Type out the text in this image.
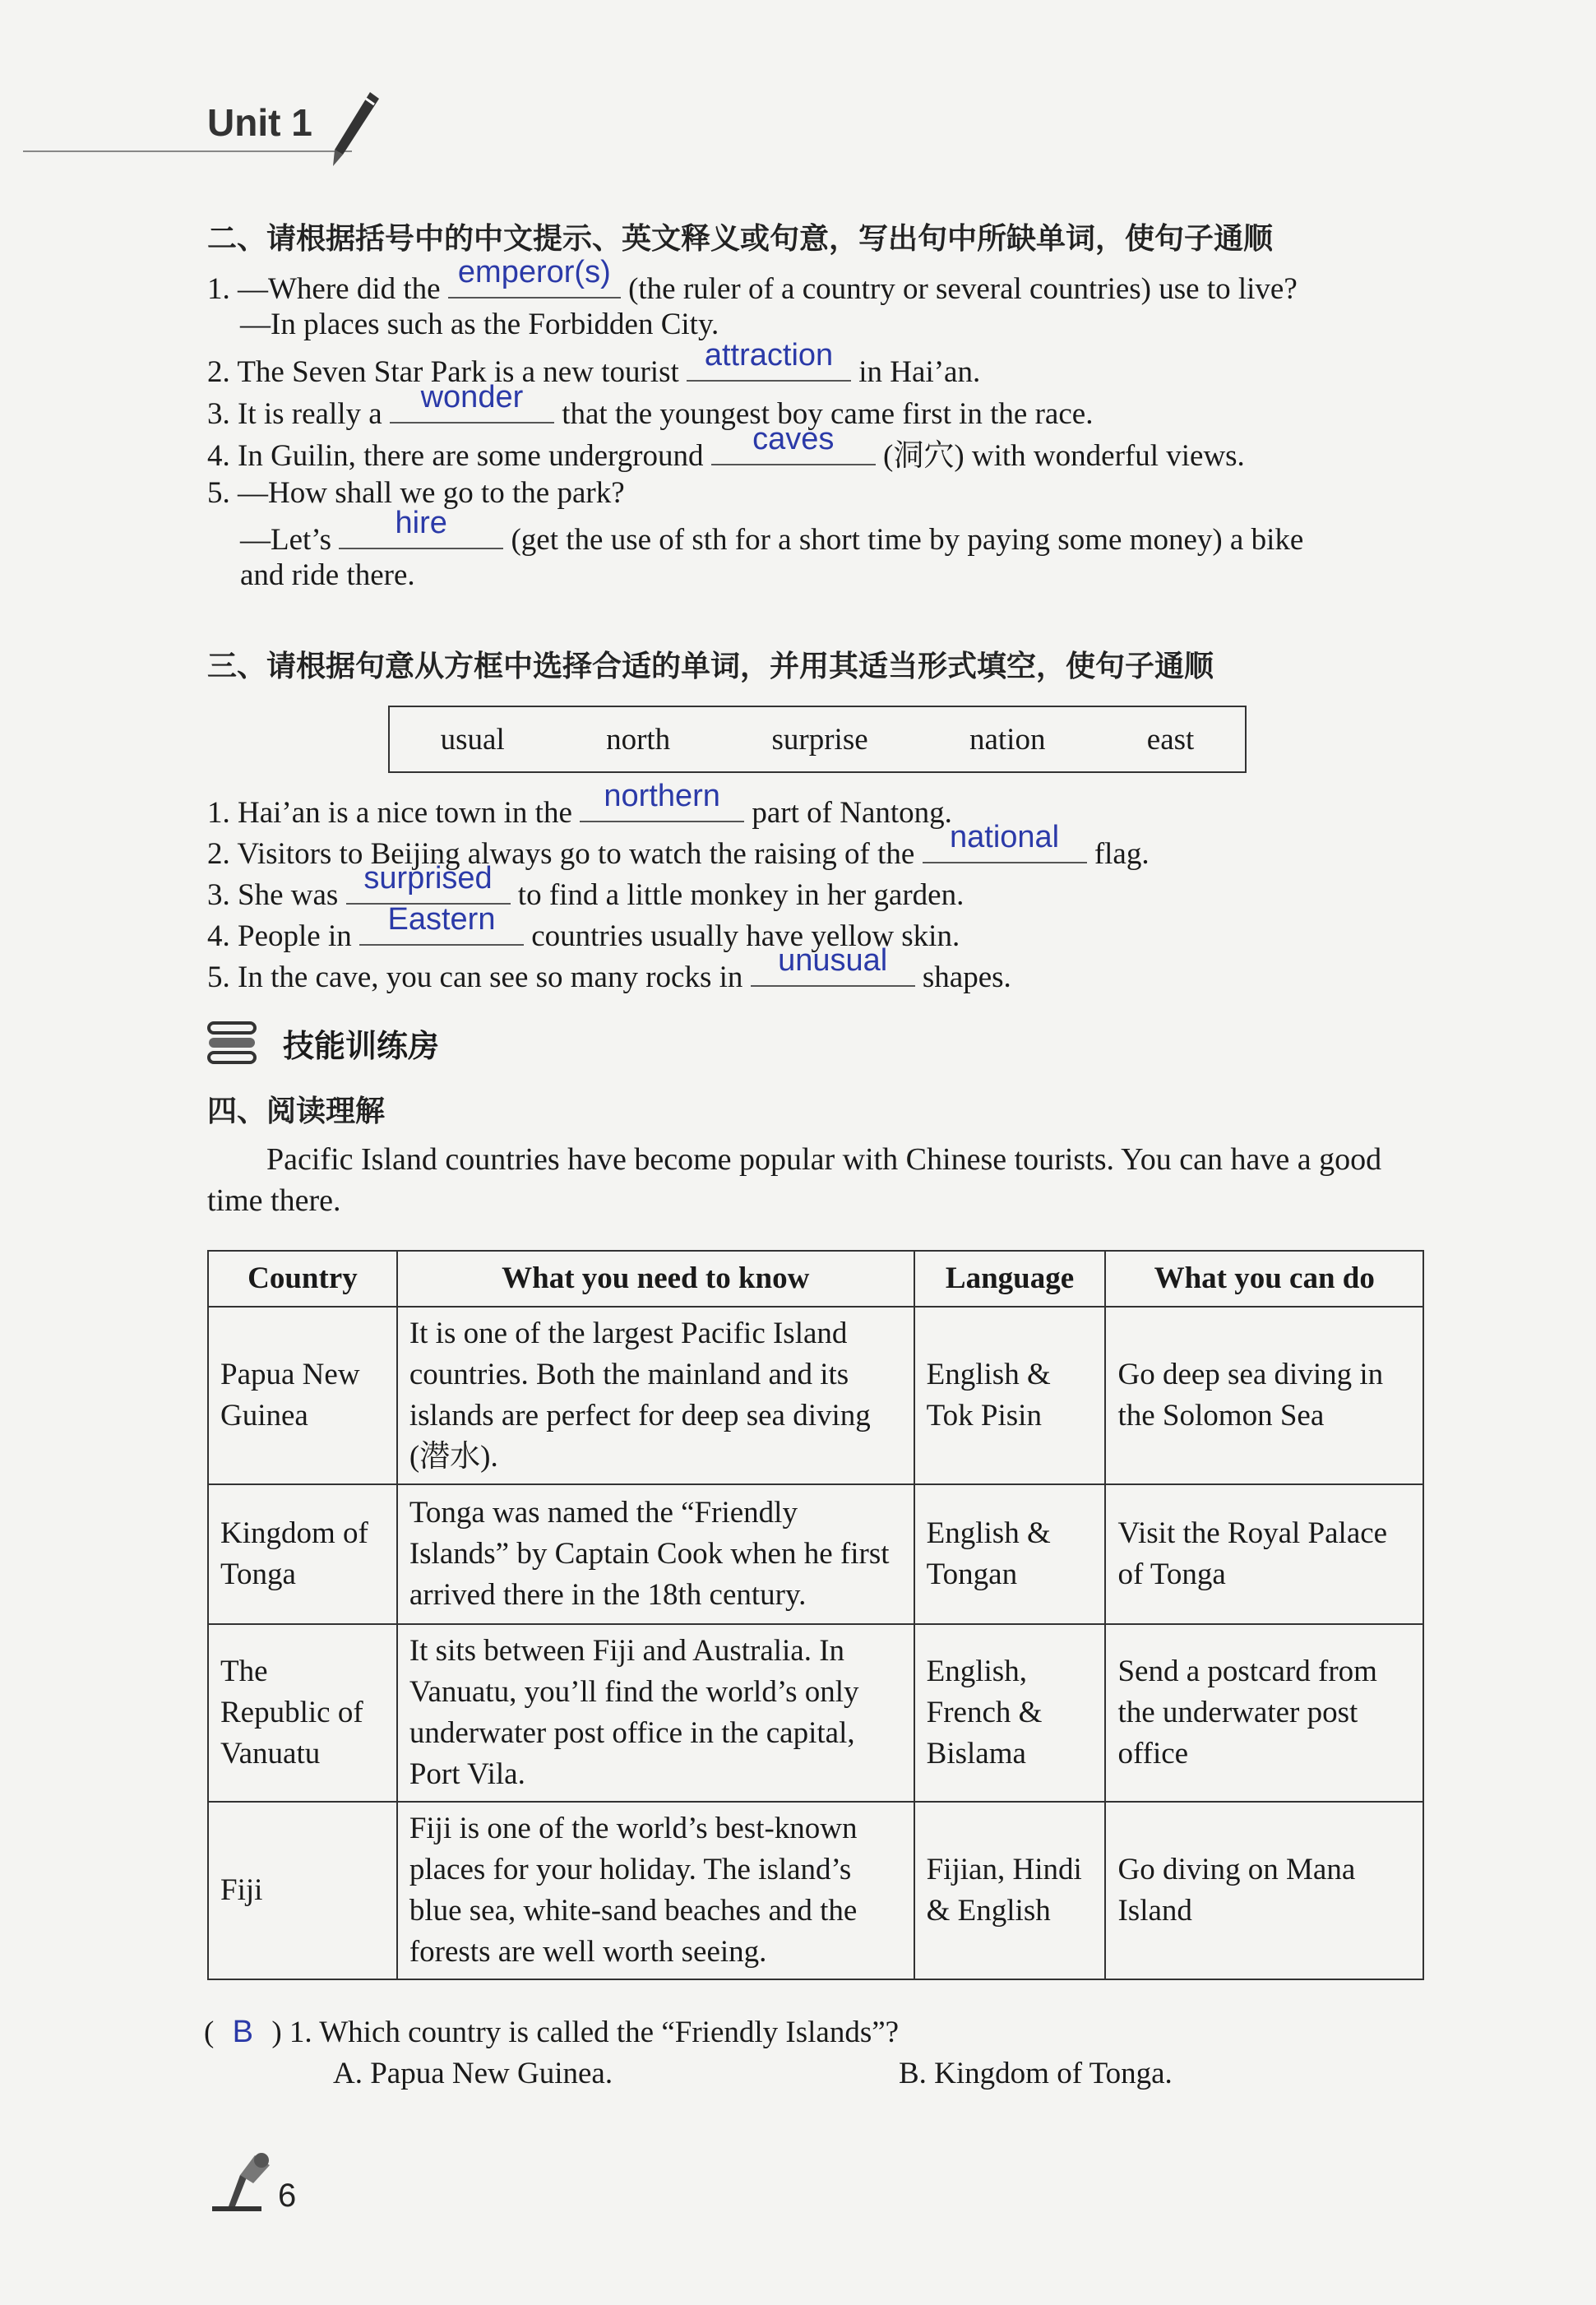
Unit 1
二、请根据括号中的中文提示、英文释义或句意，写出句中所缺单词，使句子通顺
1. —Where did the emperor(s) (the ruler of a country or several countries) use to live?
—In places such as the Forbidden City.
2. The Seven Star Park is a new tourist attraction in Hai’an.
3. It is really a	wonder	that the youngest boy came first in the race.
4. In Guilin, there are some underground	caves	(洞穴) with wonderful views.
5. —How shall we go to the park?
—Let’s	hire	(get the use of sth for a short time by paying some money) a bike
and ride there.
三、请根据句意从方框中选择合适的单词，并用其适当形式填空，使句子通顺
usual	north	surprise	nation	east
1. Hai’an is a nice town in the	northern	part of Nantong.
2. Visitors to Beijing always go to watch the raising of the	national	flag.
3. She was surprised to find a little monkey in her garden.
4. People in	Eastern	countries usually have yellow skin.
5. In the cave, you can see so many rocks in	unusual	shapes.
技能训练房
四、阅读理解
Pacific Island countries have become popular with Chinese tourists. You can have a good time there.
Country	What you need to know	Language	What you can do
Papua New Guinea	It is one of the largest Pacific Island countries. Both the mainland and its islands are perfect for deep sea diving (潜水).	English & Tok Pisin	Go deep sea diving in the Solomon Sea
Kingdom of Tonga	Tonga was named the “Friendly Islands” by Captain Cook when he first arrived there in the 18th century.	English & Tongan	Visit the Royal Palace of Tonga
The Republic of Vanuatu	It sits between Fiji and Australia. In Vanuatu, you’ll find the world’s only underwater post office in the capital, Port Vila.	English, French & Bislama	Send a postcard from the underwater post office
Fiji	Fiji is one of the world’s best-known places for your holiday. The island’s blue sea, white-sand beaches and the forests are well worth seeing.	Fijian, Hindi & English	Go diving on Mana Island
( B ) 1. Which country is called the “Friendly Islands”?
A. Papua New Guinea.	B. Kingdom of Tonga.
6
